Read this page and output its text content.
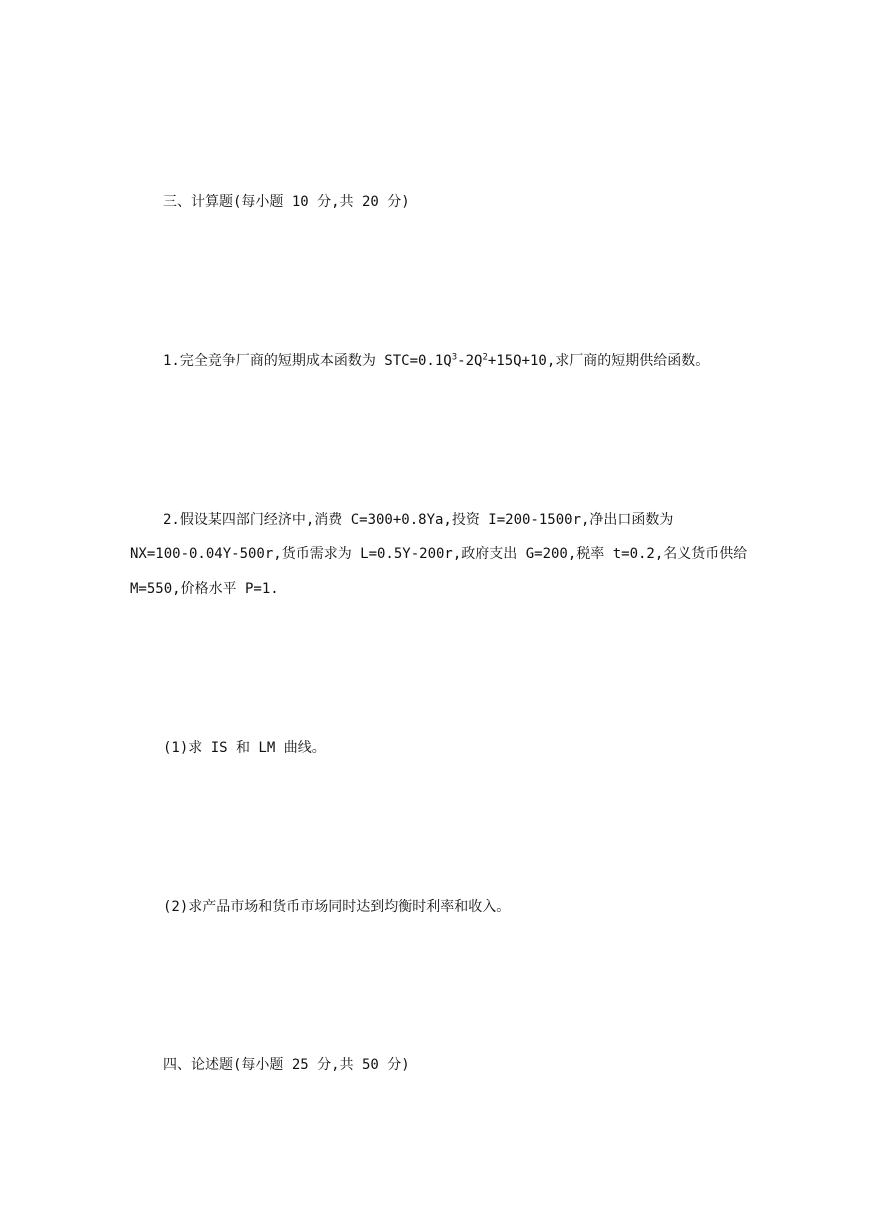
三、计算题(每小题 10 分,共 20 分)
1.完全竞争厂商的短期成本函数为 $STC=0.1Q^3-2Q^2+15Q+10$,求厂商的短期供给函数。
2.假设某四部门经济中,消费 C=300+0.8Ya,投资 I=200-1500r,净出口函数为
NX=100-0.04Y-500r,货币需求为 L=0.5Y-200r,政府支出 G=200,税率 t=0.2,名义货币供给
M=550,价格水平 P=1.
(1)求 IS 和 LM 曲线。
(2)求产品市场和货币市场同时达到均衡时利率和收入。
四、论述题(每小题 25 分,共 50 分)
